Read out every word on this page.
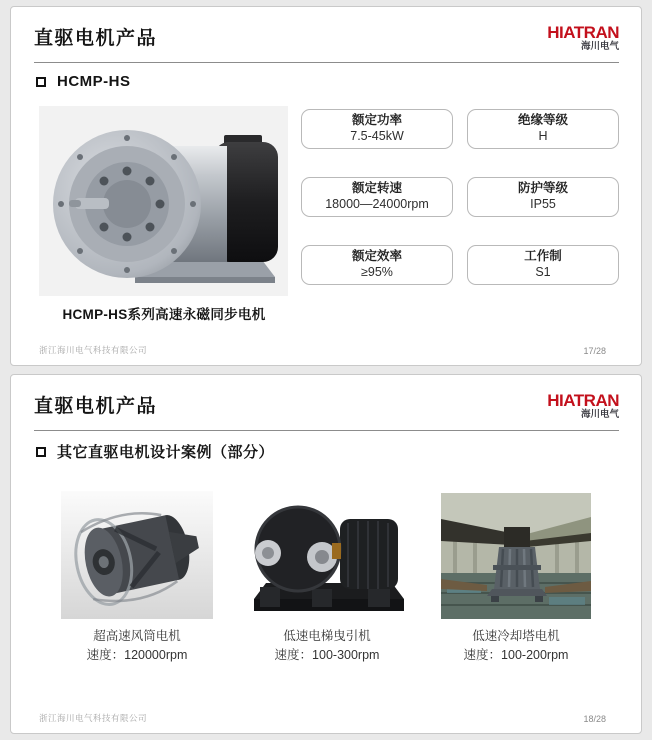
直驱电机产品	HIATRAN
海川电气
HCMP-HS
HCMP-HS系列高速永磁同步电机
额定功率
7.5-45kW
绝缘等级
H
额定转速
18000—24000rpm
防护等级
IP55
额定效率
≥95%
工作制
S1
浙江海川电气科技有限公司	17/28
直驱电机产品	HIATRAN
海川电气
其它直驱电机设计案例（部分）
超高速风筒电机
速度：120000rpm
低速电梯曳引机
速度：100-300rpm
低速冷却塔电机
速度：100-200rpm
浙江海川电气科技有限公司	18/28
